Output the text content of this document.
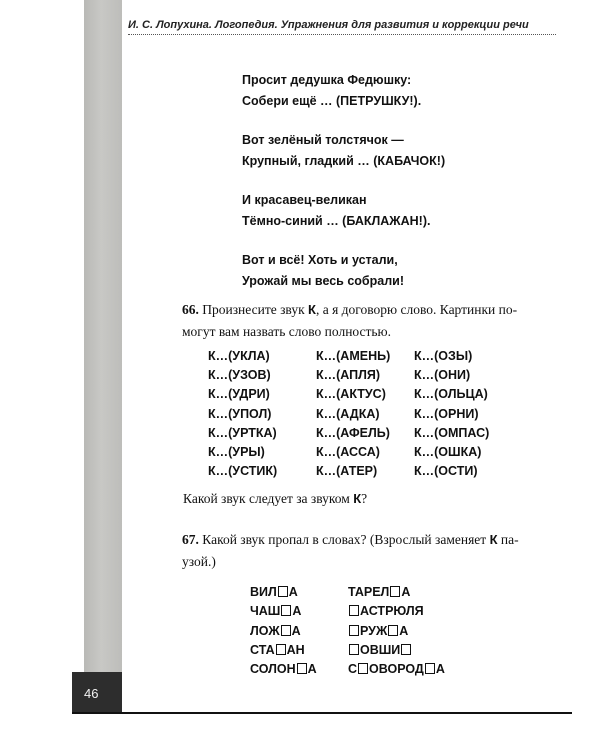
46
И. С. Лопухина. Логопедия. Упражнения для развития и коррекции речи
Просит дедушка Федюшку:
Собери ещё … (ПЕТРУШКУ!).
Вот зелёный толстячок —
Крупный, гладкий … (КАБАЧОК!)
И красавец-великан
Тёмно-синий … (БАКЛАЖАН!).
Вот и всё! Хоть и устали,
Урожай мы весь собрали!
66. Произнесите звук К, а я договорю слово. Картинки по-
могут вам назвать слово полностью.
К…(УКЛА)
К…(УЗОВ)
К…(УДРИ)
К…(УПОЛ)
К…(УРТКА)
К…(УРЫ)
К…(УСТИК)
К…(АМЕНЬ)
К…(АПЛЯ)
К…(АКТУС)
К…(АДКА)
К…(АФЕЛЬ)
К…(АССА)
К…(АТЕР)
К…(ОЗЫ)
К…(ОНИ)
К…(ОЛЬЦА)
К…(ОРНИ)
К…(ОМПАС)
К…(ОШКА)
К…(ОСТИ)
Какой звук следует за звуком К?
67. Какой звук пропал в словах? (Взрослый заменяет К па-
узой.)
ВИЛ А
ЧАШ А
ЛОЖ А
СТА АН
СОЛОН А
ТАРЕЛ А
АСТРЮЛЯ
РУЖ А
ОВШИ
С ОВОРОД А
